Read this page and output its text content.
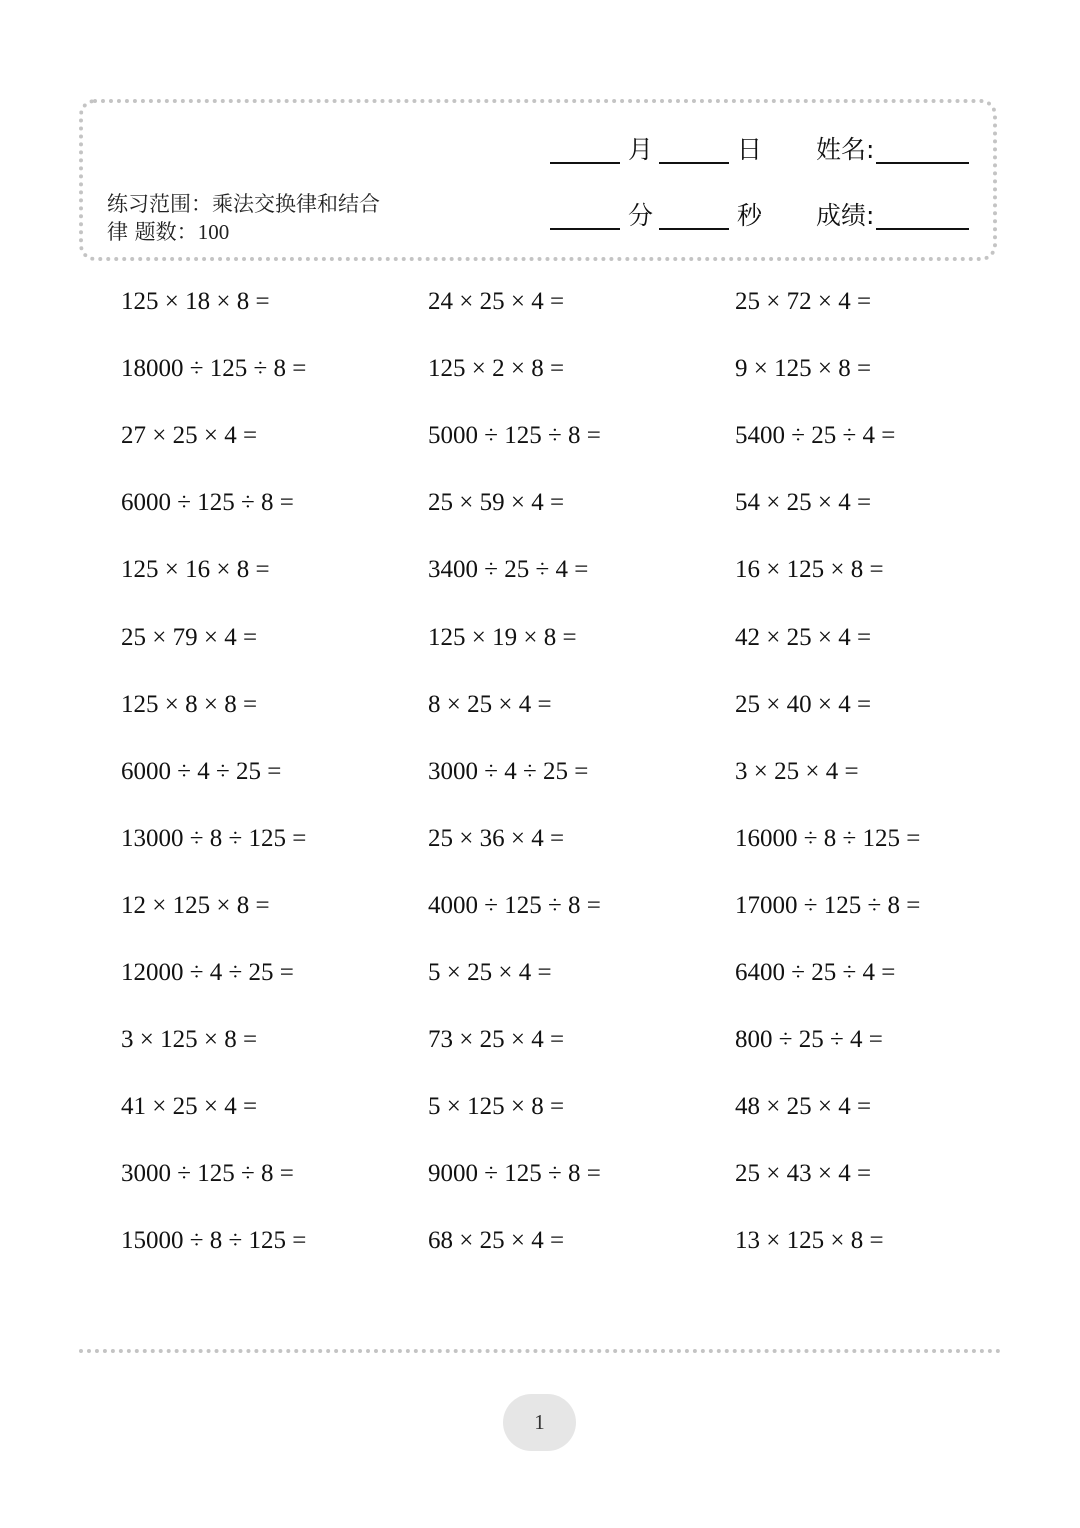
练习范围：乘法交换律和结合
律 题数：100
月	日 姓名:
分	秒 成绩:
125 × 18 × 8 =	24 × 25 × 4 =	25 × 72 × 4 =
18000 ÷ 125 ÷ 8 =	125 × 2 × 8 =	9 × 125 × 8 =
27 × 25 × 4 =	5000 ÷ 125 ÷ 8 =	5400 ÷ 25 ÷ 4 =
6000 ÷ 125 ÷ 8 =	25 × 59 × 4 =	54 × 25 × 4 =
125 × 16 × 8 =	3400 ÷ 25 ÷ 4 =	16 × 125 × 8 =
25 × 79 × 4 =	125 × 19 × 8 =	42 × 25 × 4 =
125 × 8 × 8 =	8 × 25 × 4 =	25 × 40 × 4 =
6000 ÷ 4 ÷ 25 =	3000 ÷ 4 ÷ 25 =	3 × 25 × 4 =
13000 ÷ 8 ÷ 125 =	25 × 36 × 4 =	16000 ÷ 8 ÷ 125 =
12 × 125 × 8 =	4000 ÷ 125 ÷ 8 =	17000 ÷ 125 ÷ 8 =
12000 ÷ 4 ÷ 25 =	5 × 25 × 4 =	6400 ÷ 25 ÷ 4 =
3 × 125 × 8 =	73 × 25 × 4 =	800 ÷ 25 ÷ 4 =
41 × 25 × 4 =	5 × 125 × 8 =	48 × 25 × 4 =
3000 ÷ 125 ÷ 8 =	9000 ÷ 125 ÷ 8 =	25 × 43 × 4 =
15000 ÷ 8 ÷ 125 =	68 × 25 × 4 =	13 × 125 × 8 =
1
